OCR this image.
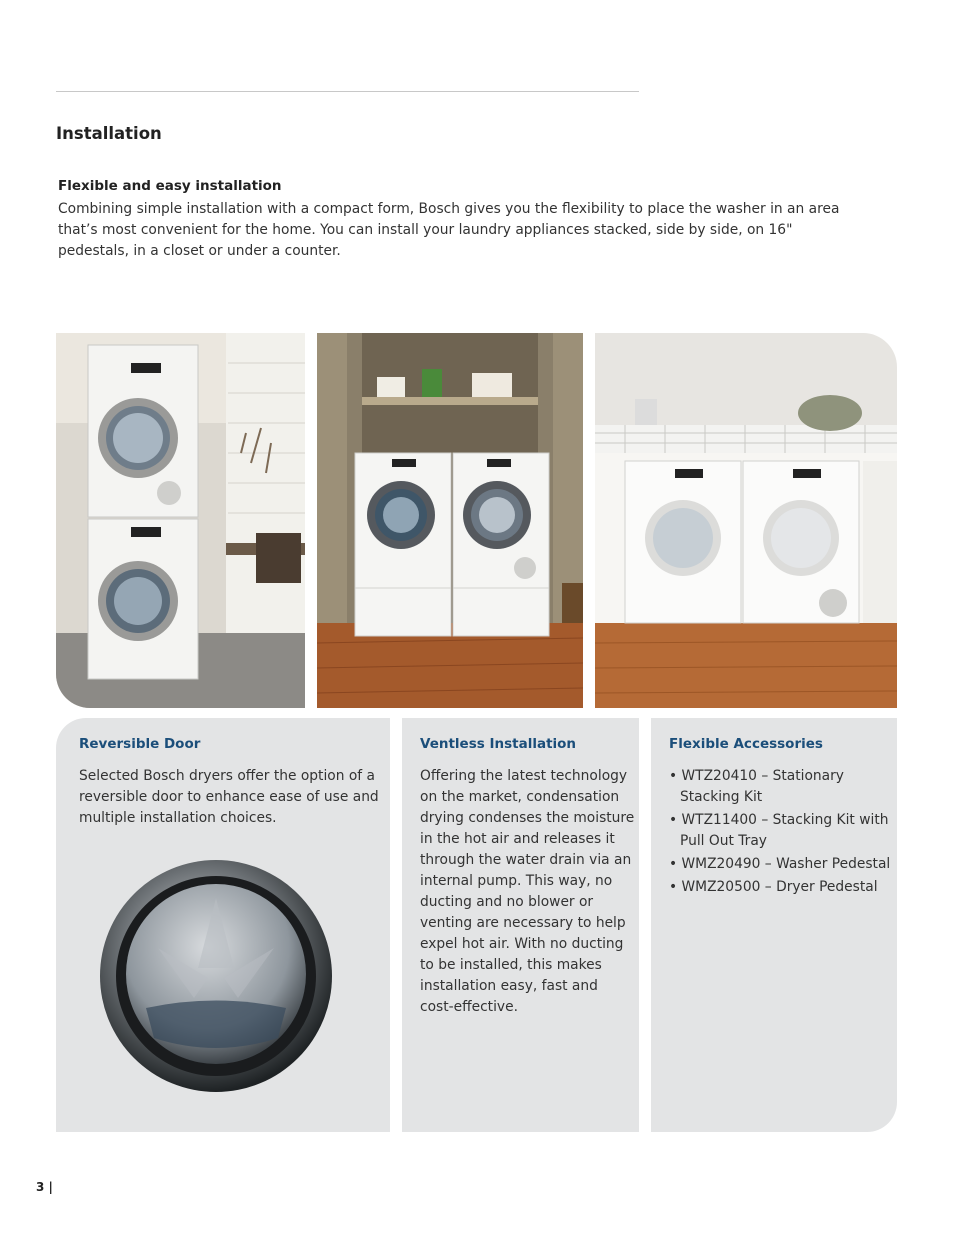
Installation
Flexible and easy installation

Combining simple installation with a compact form, Bosch gives you the flexibility to place the washer in an area that’s most convenient for the home. You can install your laundry appliances stacked, side by side, on 16" pedestals, in a closet or under a counter.

Reversible Door

Selected Bosch dryers offer the option of a reversible door to enhance ease of use and multiple installation choices.

Ventless Installation

Offering the latest technology on the market, condensation drying condenses the moisture in the hot air and releases it through the water drain via an internal pump. This way, no ducting and no blower or venting are necessary to help expel hot air. With no ducting to be installed, this makes installation easy, fast and cost-effective.

Flexible Accessories
• WTZ20410 – Stationary Stacking Kit
• WTZ11400 – Stacking Kit with Pull Out Tray
• WMZ20490 – Washer Pedestal
• WMZ20500 – Dryer Pedestal
3 |
